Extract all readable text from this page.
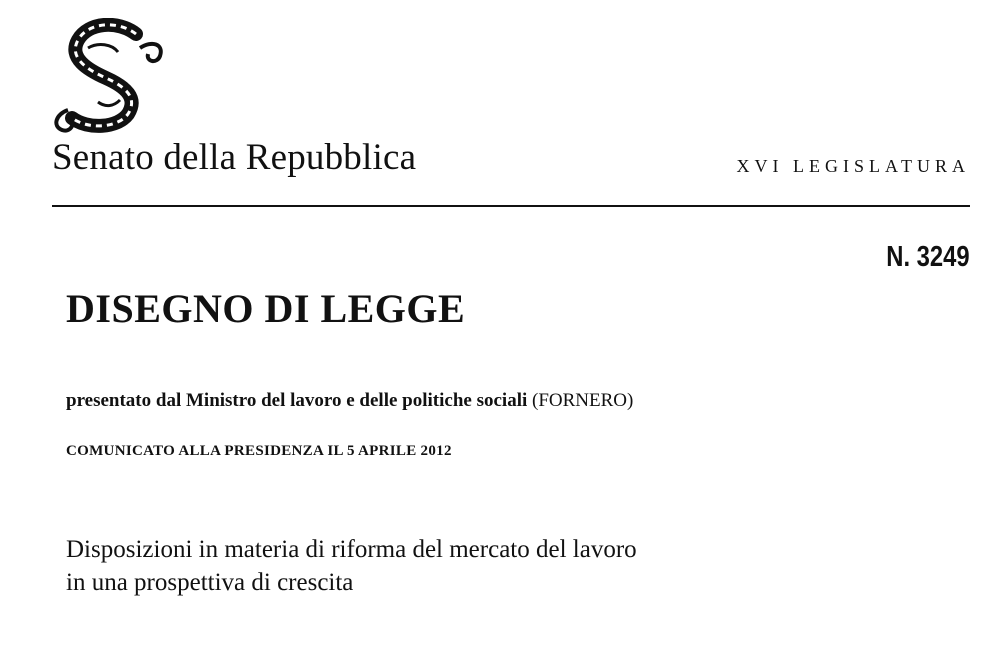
Senato della Repubblica	XVI LEGISLATURA
N. 3249
DISEGNO DI LEGGE
presentato dal Ministro del lavoro e delle politiche sociali (FORNERO)
COMUNICATO ALLA PRESIDENZA IL 5 APRILE 2012
Disposizioni in materia di riforma del mercato del lavoro
in una prospettiva di crescita
